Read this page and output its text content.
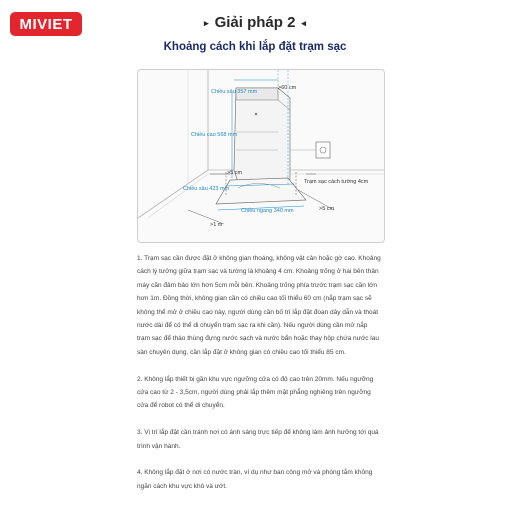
MIVIET	▸ Giải pháp 2 ◂
Khoảng cách khi lắp đặt trạm sạc
Chiều sâu 357 mm
>60 cm
Chiều cao 568 mm
>5 cm
Chiều sâu 423 mm
Chiều ngang 340 mm
>1 m
>5 cm
Trạm sạc cách tường 4cm

1. Trạm sạc cần được đặt ở không gian thoáng, không vật cản hoặc gờ cao. Khoảng cách lý tưởng giữa trạm sạc và tường là khoảng 4 cm. Khoảng trống ở hai bên thân máy cần đảm bảo lớn hơn 5cm mỗi bên. Khoảng trống phía trước trạm sạc cần lớn hơn 1m. Đồng thời, không gian cần có chiều cao tối thiểu 60 cm (nắp trạm sạc sẽ không thể mở ở chiều cao này, người dùng cần bố trí lắp đặt đoạn dây dẫn và thoát nước dài để có thể di chuyển trạm sạc ra khi cần). Nếu người dùng cần mở nắp trạm sạc để tháo thùng đựng nước sạch và nước bẩn hoặc thay hộp chứa nước lau sàn chuyên dụng, cần lắp đặt ở không gian có chiều cao tối thiểu 85 cm.

2. Không lắp thiết bị gần khu vực ngưỡng cửa có độ cao trên 20mm. Nếu ngưỡng cửa cao từ 2 - 3,5cm, người dùng phải lắp thêm mặt phẳng nghiêng trên ngưỡng cửa để robot có thể di chuyển.

3. Vị trí lắp đặt cần tránh nơi có ánh sáng trực tiếp để không làm ảnh hưởng tới quá trình vận hành.

4. Không lắp đặt ở nơi có nước tràn, ví dụ như ban công mở và phòng tắm không ngăn cách khu vực khô và ướt.
